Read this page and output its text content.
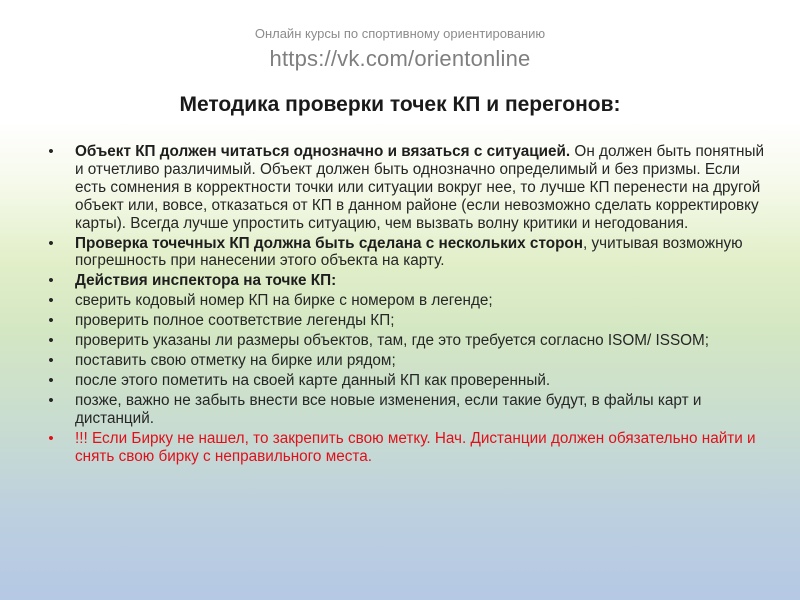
Онлайн курсы по спортивному ориентированию
https://vk.com/orientonline
Методика проверки точек КП и перегонов:
• Объект КП должен читаться однозначно и вязаться с ситуацией. Он должен быть понятный и отчетливо различимый. Объект должен быть однозначно определимый и без призмы. Если есть сомнения в корректности точки или ситуации вокруг нее, то лучше КП перенести на другой объект или, вовсе, отказаться от КП в данном районе (если невозможно сделать корректировку карты). Всегда лучше упростить ситуацию, чем вызвать волну критики и негодования.
• Проверка точечных КП должна быть сделана с нескольких сторон, учитывая возможную погрешность при нанесении этого объекта на карту.
• Действия инспектора на точке КП:
• сверить кодовый номер КП на бирке с номером в легенде;
• проверить полное соответствие легенды КП;
• проверить указаны ли размеры объектов, там, где это требуется согласно ISOM/ ISSOM;
• поставить свою отметку на бирке или рядом;
• после этого пометить на своей карте данный КП как проверенный.
• позже, важно не забыть внести все новые изменения, если такие будут, в файлы карт и дистанций.
• !!! Если Бирку не нашел, то закрепить свою метку. Нач. Дистанции должен обязательно найти и снять свою бирку с неправильного места.
